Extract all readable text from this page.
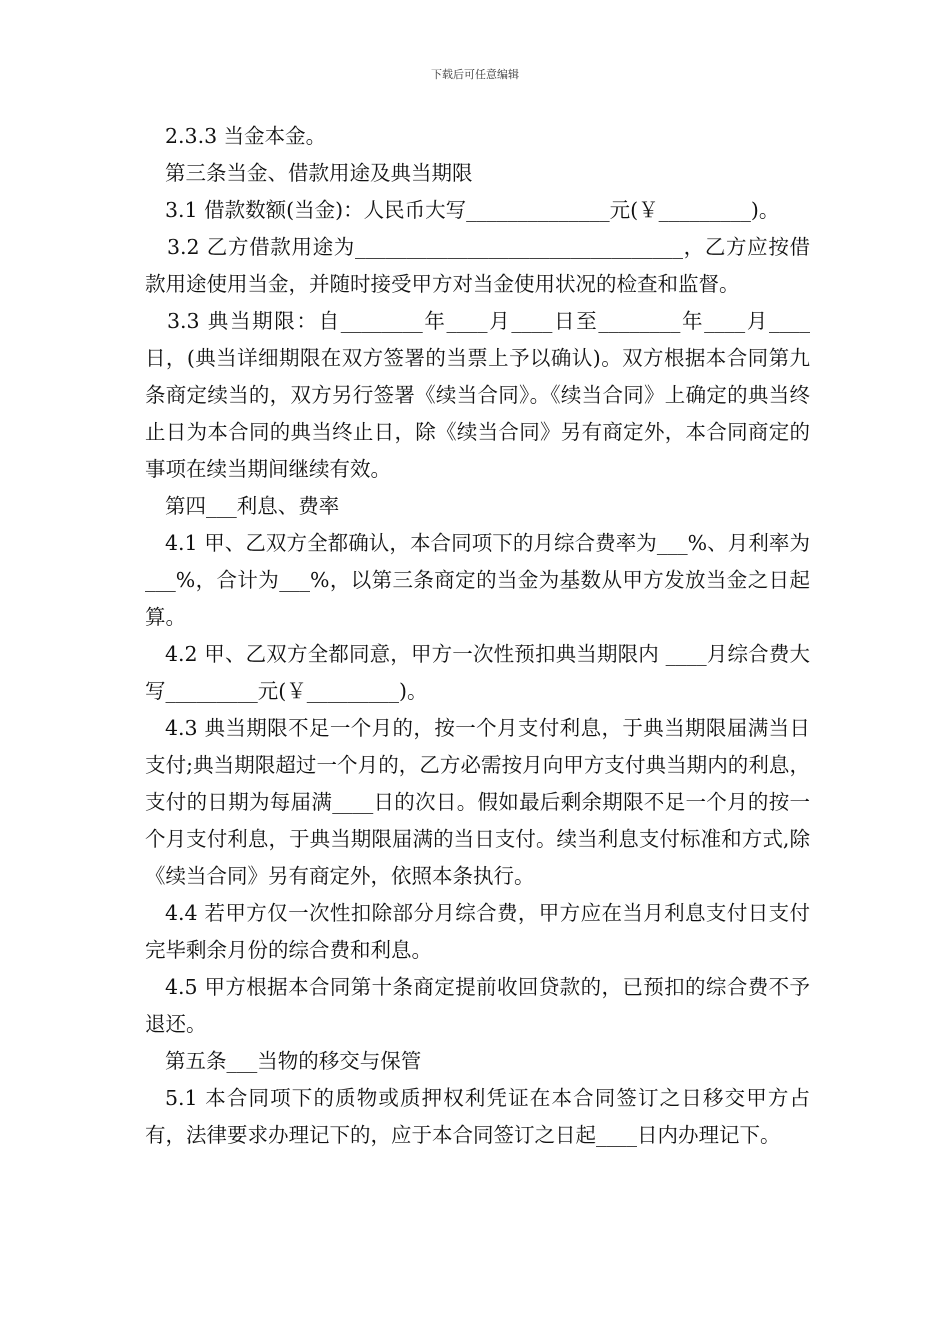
下载后可任意编辑

2.3.3 当金本金。

第三条当金、借款用途及典当期限

3.1 借款数额(当金)：人民币大写______________元(￥_________)。

3.2 乙方借款用途为________________________________，乙方应按借款用途使用当金，并随时接受甲方对当金使用状况的检查和监督。

3.3 典当期限：自________年____月____日至________年____月____日，(典当详细期限在双方签署的当票上予以确认)。双方根据本合同第九条商定续当的，双方另行签署《续当合同》。《续当合同》上确定的典当终止日为本合同的典当终止日，除《续当合同》另有商定外，本合同商定的事项在续当期间继续有效。

第四___利息、费率

4.1 甲、乙双方全都确认，本合同项下的月综合费率为___%、月利率为___%，合计为___%，以第三条商定的当金为基数从甲方发放当金之日起算。

4.2 甲、乙双方全都同意，甲方一次性预扣典当期限内 ____月综合费大写_________元(￥_________)。

4.3 典当期限不足一个月的，按一个月支付利息，于典当期限届满当日支付;典当期限超过一个月的，乙方必需按月向甲方支付典当期内的利息，支付的日期为每届满____日的次日。假如最后剩余期限不足一个月的按一个月支付利息，于典当期限届满的当日支付。续当利息支付标准和方式,除《续当合同》另有商定外，依照本条执行。

4.4 若甲方仅一次性扣除部分月综合费，甲方应在当月利息支付日支付完毕剩余月份的综合费和利息。

4.5 甲方根据本合同第十条商定提前收回贷款的，已预扣的综合费不予退还。

第五条___当物的移交与保管

5.1 本合同项下的质物或质押权利凭证在本合同签订之日移交甲方占有，法律要求办理记下的，应于本合同签订之日起____日内办理记下。
